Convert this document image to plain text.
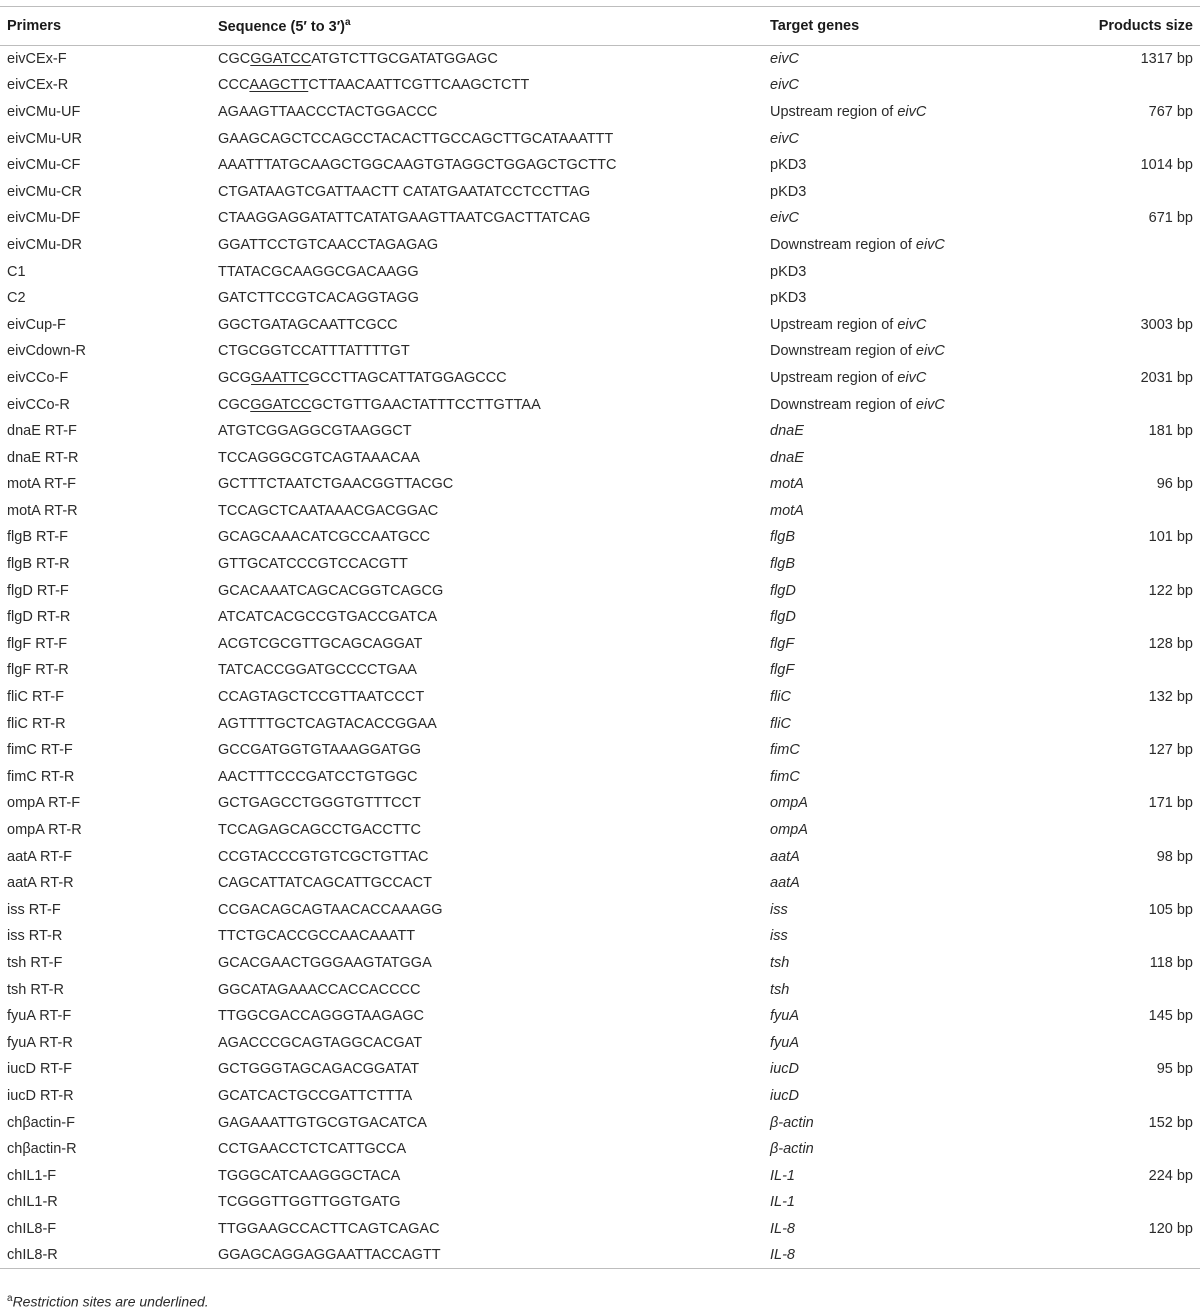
Primers	Sequence (5′ to 3′)$^a$	Target genes	Products size
eivCEx-F	CGCGGATCCATGTCTTGCGATATGGAGC	eivC	1317 bp
eivCEx-R	CCCAAGCTTCTTAACAATTCGTTCAAGCTCTT	eivC	
eivCMu-UF	AGAAGTTAACCCTACTGGACCC	Upstream region of eivC	767 bp
eivCMu-UR	GAAGCAGCTCCAGCCTACACTTGCCAGCTTGCATAAATTT	eivC	
eivCMu-CF	AAATTTATGCAAGCTGGCAAGTGTAGGCTGGAGCTGCTTC	pKD3	1014 bp
eivCMu-CR	CTGATAAGTCGATTAACTT CATATGAATATCCTCCTTAG	pKD3	
eivCMu-DF	CTAAGGAGGATATTCATATGAAGTTAATCGACTTATCAG	eivC	671 bp
eivCMu-DR	GGATTCCTGTCAACCTAGAGAG	Downstream region of eivC	
C1	TTATACGCAAGGCGACAAGG	pKD3	
C2	GATCTTCCGTCACAGGTAGG	pKD3	
eivCup-F	GGCTGATAGCAATTCGCC	Upstream region of eivC	3003 bp
eivCdown-R	CTGCGGTCCATTTATTTTGT	Downstream region of eivC	
eivCCo-F	GCGGAATTCGCCTTAGCATTATGGAGCCC	Upstream region of eivC	2031 bp
eivCCo-R	CGCGGATCCGCTGTTGAACTATTTCCTTGTTAA	Downstream region of eivC	
dnaE RT-F	ATGTCGGAGGCGTAAGGCT	dnaE	181 bp
dnaE RT-R	TCCAGGGCGTCAGTAAACAA	dnaE	
motA RT-F	GCTTTCTAATCTGAACGGTTACGC	motA	96 bp
motA RT-R	TCCAGCTCAATAAACGACGGAC	motA	
flgB RT-F	GCAGCAAACATCGCCAATGCC	flgB	101 bp
flgB RT-R	GTTGCATCCCGTCCACGTT	flgB	
flgD RT-F	GCACAAATCAGCACGGTCAGCG	flgD	122 bp
flgD RT-R	ATCATCACGCCGTGACCGATCA	flgD	
flgF RT-F	ACGTCGCGTTGCAGCAGGAT	flgF	128 bp
flgF RT-R	TATCACCGGATGCCCCTGAA	flgF	
fliC RT-F	CCAGTAGCTCCGTTAATCCCT	fliC	132 bp
fliC RT-R	AGTTTTGCTCAGTACACCGGAA	fliC	
fimC RT-F	GCCGATGGTGTAAAGGATGG	fimC	127 bp
fimC RT-R	AACTTTCCCGATCCTGTGGC	fimC	
ompA RT-F	GCTGAGCCTGGGTGTTTCCT	ompA	171 bp
ompA RT-R	TCCAGAGCAGCCTGACCTTC	ompA	
aatA RT-F	CCGTACCCGTGTCGCTGTTAC	aatA	98 bp
aatA RT-R	CAGCATTATCAGCATTGCCACT	aatA	
iss RT-F	CCGACAGCAGTAACACCAAAGG	iss	105 bp
iss RT-R	TTCTGCACCGCCAACAAATT	iss	
tsh RT-F	GCACGAACTGGGAAGTATGGA	tsh	118 bp
tsh RT-R	GGCATAGAAACCACCACCCC	tsh	
fyuA RT-F	TTGGCGACCAGGGTAAGAGC	fyuA	145 bp
fyuA RT-R	AGACCCGCAGTAGGCACGAT	fyuA	
iucD RT-F	GCTGGGTAGCAGACGGATAT	iucD	95 bp
iucD RT-R	GCATCACTGCCGATTCTTTA	iucD	
chβactin-F	GAGAAATTGTGCGTGACATCA	β-actin	152 bp
chβactin-R	CCTGAACCTCTCATTGCCA	β-actin	
chIL1-F	TGGGCATCAAGGGCTACA	IL-1	224 bp
chIL1-R	TCGGGTTGGTTGGTGATG	IL-1	
chIL8-F	TTGGAAGCCACTTCAGTCAGAC	IL-8	120 bp
chIL8-R	GGAGCAGGAGGAATTACCAGTT	IL-8	
$^a$Restriction sites are underlined.
